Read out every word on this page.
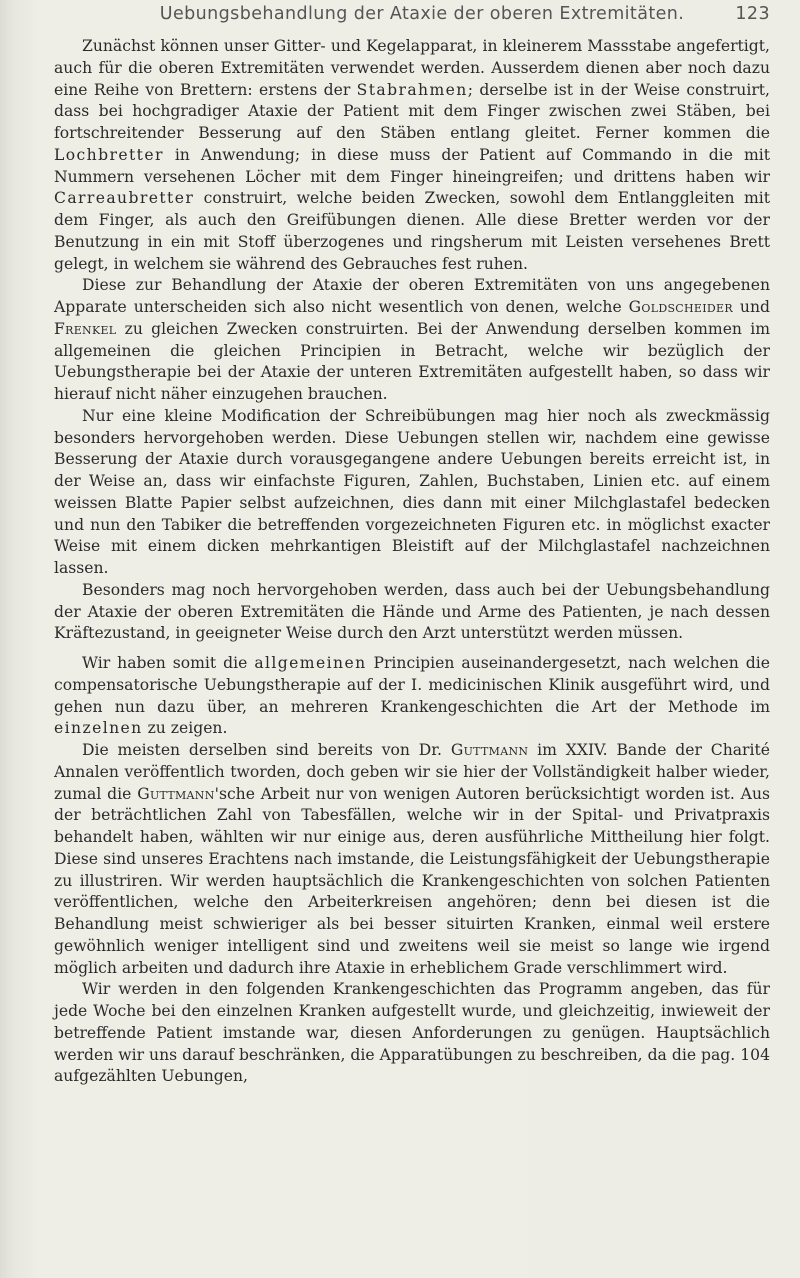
Uebungsbehandlung der Ataxie der oberen Extremitäten.	123

Zunächst können unser Gitter- und Kegelapparat, in kleinerem Massstabe angefertigt, auch für die oberen Extremitäten verwendet werden. Ausserdem dienen aber noch dazu eine Reihe von Brettern: erstens der Stabrahmen; derselbe ist in der Weise construirt, dass bei hochgradiger Ataxie der Patient mit dem Finger zwischen zwei Stäben, bei fortschreitender Besserung auf den Stäben entlang gleitet. Ferner kommen die Lochbretter in Anwendung; in diese muss der Patient auf Commando in die mit Nummern versehenen Löcher mit dem Finger hineingreifen; und drittens haben wir Carreaubretter construirt, welche beiden Zwecken, sowohl dem Entlanggleiten mit dem Finger, als auch den Greifübungen dienen. Alle diese Bretter werden vor der Benutzung in ein mit Stoff überzogenes und ringsherum mit Leisten versehenes Brett gelegt, in welchem sie während des Gebrauches fest ruhen.

Diese zur Behandlung der Ataxie der oberen Extremitäten von uns angegebenen Apparate unterscheiden sich also nicht wesentlich von denen, welche Goldscheider und Frenkel zu gleichen Zwecken construirten. Bei der Anwendung derselben kommen im allgemeinen die gleichen Principien in Betracht, welche wir bezüglich der Uebungstherapie bei der Ataxie der unteren Extremitäten aufgestellt haben, so dass wir hierauf nicht näher einzugehen brauchen.

Nur eine kleine Modification der Schreibübungen mag hier noch als zweckmässig besonders hervorgehoben werden. Diese Uebungen stellen wir, nachdem eine gewisse Besserung der Ataxie durch vorausgegangene andere Uebungen bereits erreicht ist, in der Weise an, dass wir einfachste Figuren, Zahlen, Buchstaben, Linien etc. auf einem weissen Blatte Papier selbst aufzeichnen, dies dann mit einer Milchglastafel bedecken und nun den Tabiker die betreffenden vorgezeichneten Figuren etc. in möglichst exacter Weise mit einem dicken mehrkantigen Bleistift auf der Milchglastafel nachzeichnen lassen.

Besonders mag noch hervorgehoben werden, dass auch bei der Uebungsbehandlung der Ataxie der oberen Extremitäten die Hände und Arme des Patienten, je nach dessen Kräftezustand, in geeigneter Weise durch den Arzt unterstützt werden müssen.

Wir haben somit die allgemeinen Principien auseinandergesetzt, nach welchen die compensatorische Uebungstherapie auf der I. medicinischen Klinik ausgeführt wird, und gehen nun dazu über, an mehreren Krankengeschichten die Art der Methode im einzelnen zu zeigen.

Die meisten derselben sind bereits von Dr. Guttmann im XXIV. Bande der Charité Annalen veröffentlich tworden, doch geben wir sie hier der Vollständigkeit halber wieder, zumal die Guttmann'sche Arbeit nur von wenigen Autoren berücksichtigt worden ist. Aus der beträchtlichen Zahl von Tabesfällen, welche wir in der Spital- und Privatpraxis behandelt haben, wählten wir nur einige aus, deren ausführliche Mittheilung hier folgt. Diese sind unseres Erachtens nach imstande, die Leistungsfähigkeit der Uebungstherapie zu illustriren. Wir werden hauptsächlich die Krankengeschichten von solchen Patienten veröffentlichen, welche den Arbeiterkreisen angehören; denn bei diesen ist die Behandlung meist schwieriger als bei besser situirten Kranken, einmal weil erstere gewöhnlich weniger intelligent sind und zweitens weil sie meist so lange wie irgend möglich arbeiten und dadurch ihre Ataxie in erheblichem Grade verschlimmert wird.

Wir werden in den folgenden Krankengeschichten das Programm angeben, das für jede Woche bei den einzelnen Kranken aufgestellt wurde, und gleichzeitig, inwieweit der betreffende Patient imstande war, diesen Anforderungen zu genügen. Hauptsächlich werden wir uns darauf beschränken, die Apparatübungen zu beschreiben, da die pag. 104 aufgezählten Uebungen,
